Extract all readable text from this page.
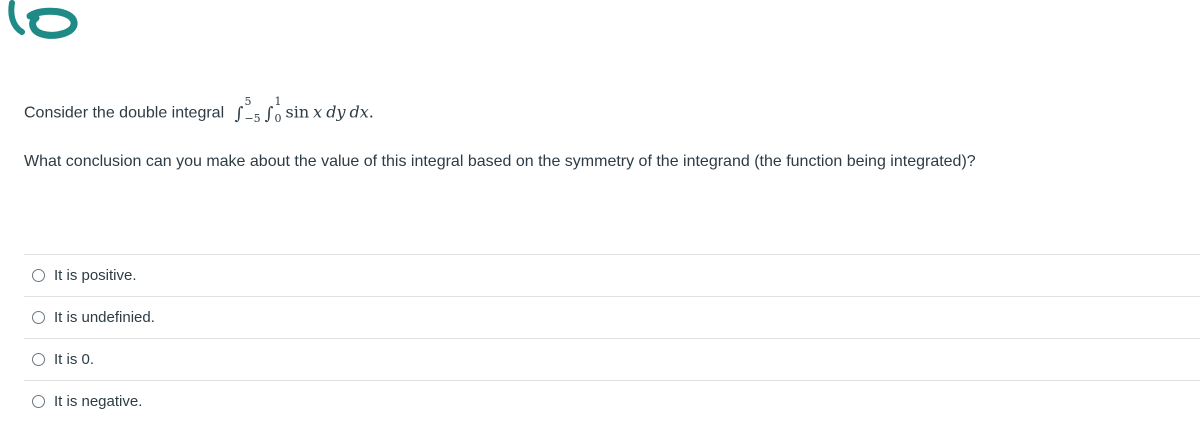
Consider the double integral ∫
5
−5 ∫
1
0 sin x dy dx.
What conclusion can you make about the value of this integral based on the symmetry of the integrand (the function being integrated)?
It is positive.
It is undefinied.
It is 0.
It is negative.
